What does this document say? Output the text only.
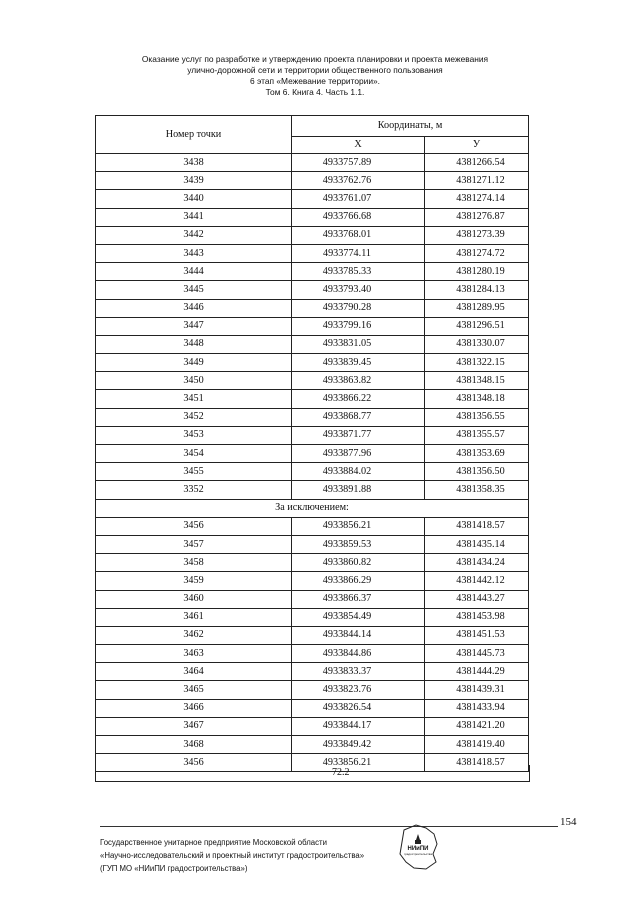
Оказание услуг по разработке и утверждению проекта планировки и проекта межевания
улично-дорожной сети и территории общественного пользования
6 этап «Межевание территории».
Том 6. Книга 4. Часть 1.1.
Номер точки	Координаты, м	
	X	У
3438	4933757.89	4381266.54
3439	4933762.76	4381271.12
3440	4933761.07	4381274.14
3441	4933766.68	4381276.87
3442	4933768.01	4381273.39
3443	4933774.11	4381274.72
3444	4933785.33	4381280.19
3445	4933793.40	4381284.13
3446	4933790.28	4381289.95
3447	4933799.16	4381296.51
3448	4933831.05	4381330.07
3449	4933839.45	4381322.15
3450	4933863.82	4381348.15
3451	4933866.22	4381348.18
3452	4933868.77	4381356.55
3453	4933871.77	4381355.57
3454	4933877.96	4381353.69
3455	4933884.02	4381356.50
3352	4933891.88	4381358.35
За исключением:		
3456	4933856.21	4381418.57
3457	4933859.53	4381435.14
3458	4933860.82	4381434.24
3459	4933866.29	4381442.12
3460	4933866.37	4381443.27
3461	4933854.49	4381453.98
3462	4933844.14	4381451.53
3463	4933844.86	4381445.73
3464	4933833.37	4381444.29
3465	4933823.76	4381439.31
3466	4933826.54	4381433.94
3467	4933844.17	4381421.20
3468	4933849.42	4381419.40
3456	4933856.21	4381418.57
72.2
154
Государственное унитарное предприятие Московской области
«Научно-исследовательский и проектный институт градостроительства»
(ГУП МО «НИиПИ градостроительства»)
НИиПИ
градостроительства
